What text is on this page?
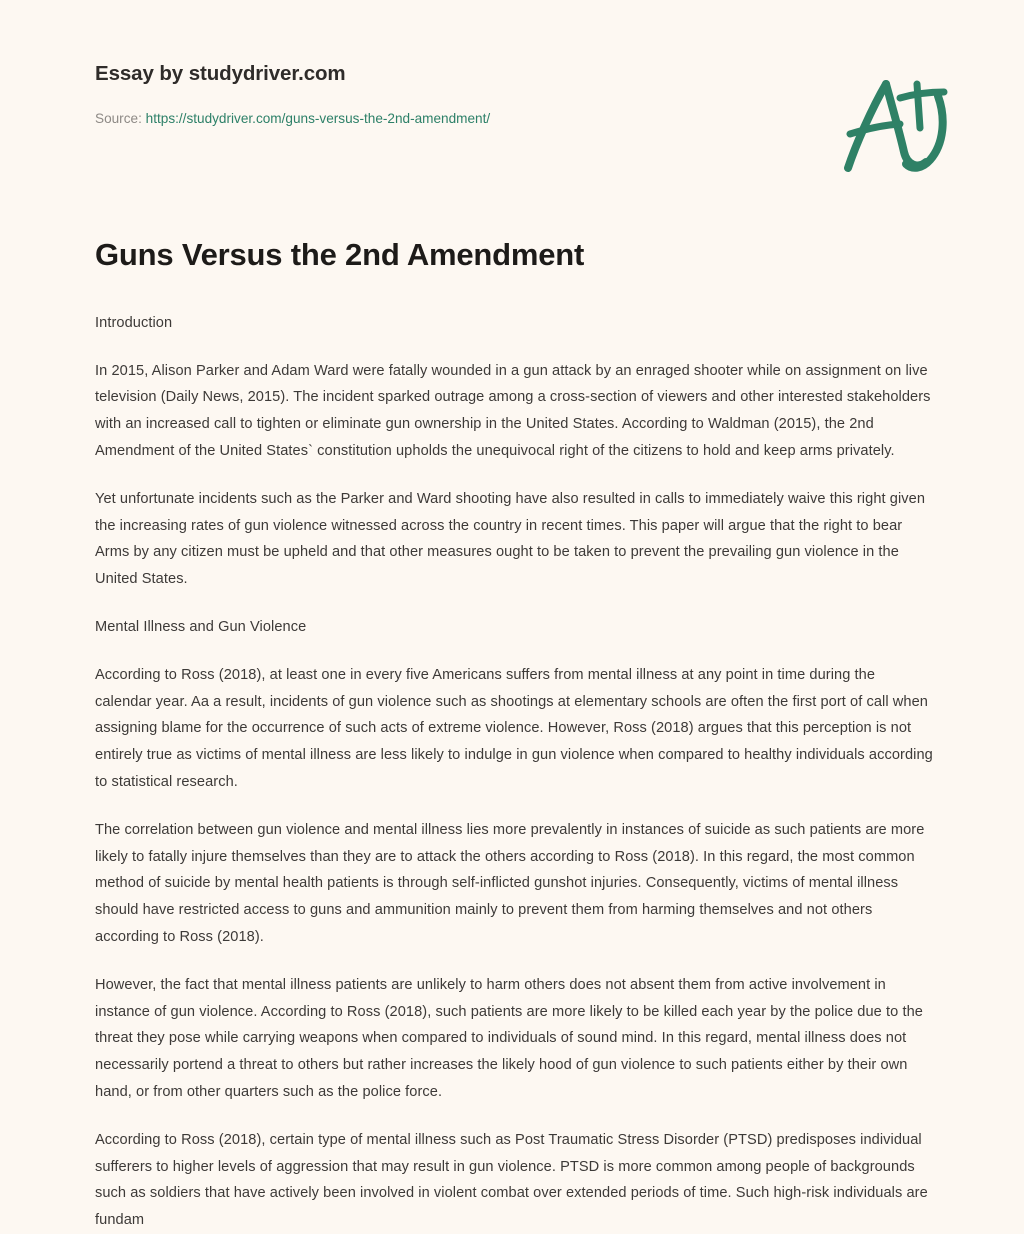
Essay by studydriver.com
Source: https://studydriver.com/guns-versus-the-2nd-amendment/
Guns Versus the 2nd Amendment

Introduction

In 2015, Alison Parker and Adam Ward were fatally wounded in a gun attack by an enraged shooter while on assignment on live television (Daily News, 2015). The incident sparked outrage among a cross-section of viewers and other interested stakeholders with an increased call to tighten or eliminate gun ownership in the United States. According to Waldman (2015), the 2nd Amendment of the United States` constitution upholds the unequivocal right of the citizens to hold and keep arms privately.

Yet unfortunate incidents such as the Parker and Ward shooting have also resulted in calls to immediately waive this right given the increasing rates of gun violence witnessed across the country in recent times. This paper will argue that the right to bear Arms by any citizen must be upheld and that other measures ought to be taken to prevent the prevailing gun violence in the United States.

Mental Illness and Gun Violence

According to Ross (2018), at least one in every five Americans suffers from mental illness at any point in time during the calendar year. Aa a result, incidents of gun violence such as shootings at elementary schools are often the first port of call when assigning blame for the occurrence of such acts of extreme violence. However, Ross (2018) argues that this perception is not entirely true as victims of mental illness are less likely to indulge in gun violence when compared to healthy individuals according to statistical research.

The correlation between gun violence and mental illness lies more prevalently in instances of suicide as such patients are more likely to fatally injure themselves than they are to attack the others according to Ross (2018). In this regard, the most common method of suicide by mental health patients is through self-inflicted gunshot injuries. Consequently, victims of mental illness should have restricted access to guns and ammunition mainly to prevent them from harming themselves and not others according to Ross (2018).

However, the fact that mental illness patients are unlikely to harm others does not absent them from active involvement in instance of gun violence. According to Ross (2018), such patients are more likely to be killed each year by the police due to the threat they pose while carrying weapons when compared to individuals of sound mind. In this regard, mental illness does not necessarily portend a threat to others but rather increases the likely hood of gun violence to such patients either by their own hand, or from other quarters such as the police force.

According to Ross (2018), certain type of mental illness such as Post Traumatic Stress Disorder (PTSD) predisposes individual sufferers to higher levels of aggression that may result in gun violence. PTSD is more common among people of backgrounds such as soldiers that have actively been involved in violent combat over extended periods of time. Such high-risk individuals are fundam
